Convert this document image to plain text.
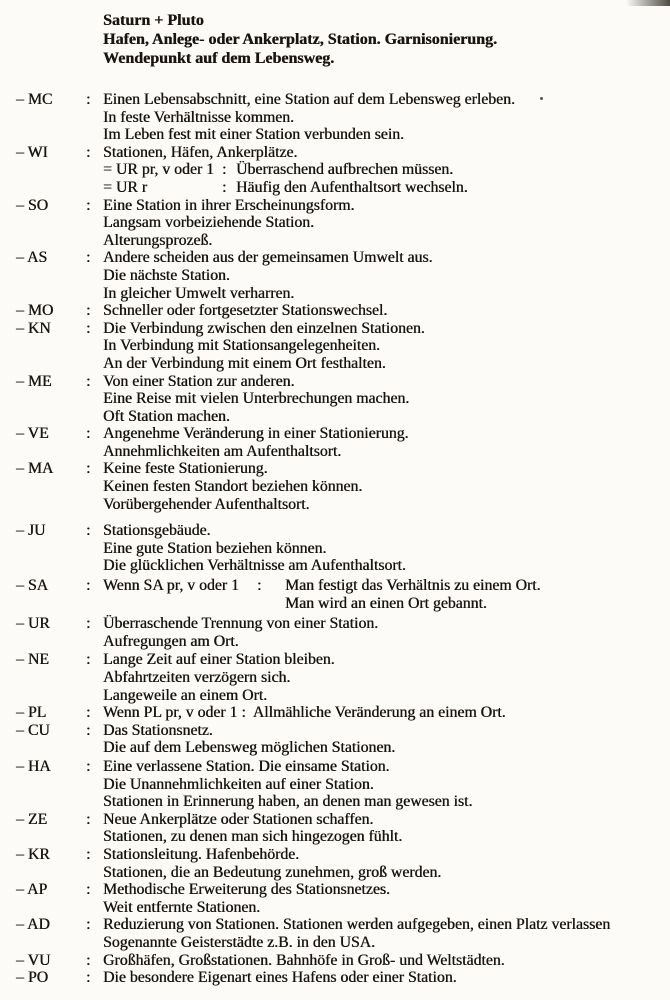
Saturn + Pluto
Hafen, Anlege- oder Ankerplatz, Station. Garnisonierung.
Wendepunkt auf dem Lebensweg.
– MC	: Einen Lebensabschnitt, eine Station auf dem Lebensweg erleben.
In feste Verhältnisse kommen.
Im Leben fest mit einer Station verbunden sein.
– WI	: Stationen, Häfen, Ankerplätze.
= UR pr, v oder 1 : Überraschend aufbrechen müssen.
= UR r	: Häufig den Aufenthaltsort wechseln.
– SO	: Eine Station in ihrer Erscheinungsform.
Langsam vorbeiziehende Station.
Alterungsprozeß.
– AS	: Andere scheiden aus der gemeinsamen Umwelt aus.
Die nächste Station.
In gleicher Umwelt verharren.
– MO	: Schneller oder fortgesetzter Stationswechsel.
– KN	: Die Verbindung zwischen den einzelnen Stationen.
In Verbindung mit Stationsangelegenheiten.
An der Verbindung mit einem Ort festhalten.
– ME	: Von einer Station zur anderen.
Eine Reise mit vielen Unterbrechungen machen.
Oft Station machen.
– VE	: Angenehme Veränderung in einer Stationierung.
Annehmlichkeiten am Aufenthaltsort.
– MA	: Keine feste Stationierung.
Keinen festen Standort beziehen können.
Vorübergehender Aufenthaltsort.
– JU	: Stationsgebäude.
Eine gute Station beziehen können.
Die glücklichen Verhältnisse am Aufenthaltsort.
– SA	: Wenn SA pr, v oder 1 : Man festigt das Verhältnis zu einem Ort.
Man wird an einen Ort gebannt.
– UR	: Überraschende Trennung von einer Station.
Aufregungen am Ort.
– NE	: Lange Zeit auf einer Station bleiben.
Abfahrtzeiten verzögern sich.
Langeweile an einem Ort.
– PL	: Wenn PL pr, v oder 1 :  Allmähliche Veränderung an einem Ort.
– CU	: Das Stationsnetz.
Die auf dem Lebensweg möglichen Stationen.
– HA	: Eine verlassene Station. Die einsame Station.
Die Unannehmlichkeiten auf einer Station.
Stationen in Erinnerung haben, an denen man gewesen ist.
– ZE	: Neue Ankerplätze oder Stationen schaffen.
Stationen, zu denen man sich hingezogen fühlt.
– KR	: Stationsleitung. Hafenbehörde.
Stationen, die an Bedeutung zunehmen, groß werden.
– AP	: Methodische Erweiterung des Stationsnetzes.
Weit entfernte Stationen.
– AD	: Reduzierung von Stationen. Stationen werden aufgegeben, einen Platz verlassen
Sogenannte Geisterstädte z.B. in den USA.
– VU	: Großhäfen, Großstationen. Bahnhöfe in Groß- und Weltstädten.
– PO	: Die besondere Eigenart eines Hafens oder einer Station.
